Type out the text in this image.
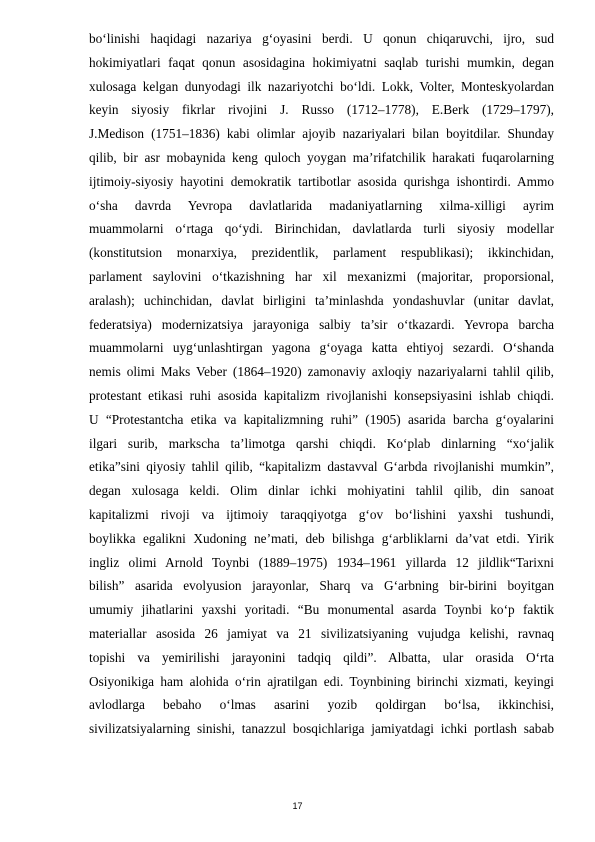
bo‘linishi haqidagi nazariya g‘oyasini berdi. U qonun chiqaruvchi, ijro, sud
hokimiyatlari faqat qonun asosidagina hokimiyatni saqlab turishi mumkin, degan
xulosaga kelgan dunyodagi ilk nazariyotchi bo‘ldi. Lokk, Volter, Monteskyolardan
keyin siyosiy fikrlar rivojini J. Russo (1712–1778), E.Berk (1729–1797),
J.Medison (1751–1836) kabi olimlar ajoyib nazariyalari bilan boyitdilar. Shunday
qilib, bir asr mobaynida keng quloch yoygan ma’rifatchilik harakati fuqarolarning
ijtimoiy-siyosiy hayotini demokratik tartibotlar asosida qurishga ishontirdi. Ammo
o‘sha davrda Yevropa davlatlarida madaniyatlarning xilma-xilligi ayrim
muammolarni o‘rtaga qo‘ydi. Birinchidan, davlatlarda turli siyosiy modellar
(konstitutsion monarxiya, prezidentlik, parlament respublikasi); ikkinchidan,
parlament saylovini o‘tkazishning har xil mexanizmi (majoritar, proporsional,
aralash); uchinchidan, davlat birligini ta’minlashda yondashuvlar (unitar davlat,
federatsiya) modernizatsiya jarayoniga salbiy ta’sir o‘tkazardi. Yevropa barcha
muammolarni uyg‘unlashtirgan yagona g‘oyaga katta ehtiyoj sezardi. O‘shanda
nemis olimi Maks Veber (1864–1920) zamonaviy axloqiy nazariyalarni tahlil qilib,
protestant etikasi ruhi asosida kapitalizm rivojlanishi konsepsiyasini ishlab chiqdi.
U “Protestantcha etika va kapitalizmning ruhi” (1905) asarida barcha g‘oyalarini
ilgari surib, markscha ta’limotga qarshi chiqdi. Ko‘plab dinlarning “xo‘jalik
etika”sini qiyosiy tahlil qilib, “kapitalizm dastavval G‘arbda rivojlanishi mumkin”,
degan xulosaga keldi. Olim dinlar ichki mohiyatini tahlil qilib, din sanoat
kapitalizmi rivoji va ijtimoiy taraqqiyotga g‘ov bo‘lishini yaxshi tushundi,
boylikka egalikni Xudoning ne’mati, deb bilishga g‘arbliklarni da’vat etdi. Yirik
ingliz olimi Arnold Toynbi (1889–1975) 1934–1961 yillarda 12 jildlik“Tarixni
bilish” asarida evolyusion jarayonlar, Sharq va G‘arbning bir-birini boyitgan
umumiy jihatlarini yaxshi yoritadi. “Bu monumental asarda Toynbi ko‘p faktik
materiallar asosida 26 jamiyat va 21 sivilizatsiyaning vujudga kelishi, ravnaq
topishi va yemirilishi jarayonini tadqiq qildi”. Albatta, ular orasida O‘rta
Osiyonikiga ham alohida o‘rin ajratilgan edi. Toynbining birinchi xizmati, keyingi
avlodlarga bebaho o‘lmas asarini yozib qoldirgan bo‘lsa, ikkinchisi,
sivilizatsiyalarning sinishi, tanazzul bosqichlariga jamiyatdagi ichki portlash sabab
17
